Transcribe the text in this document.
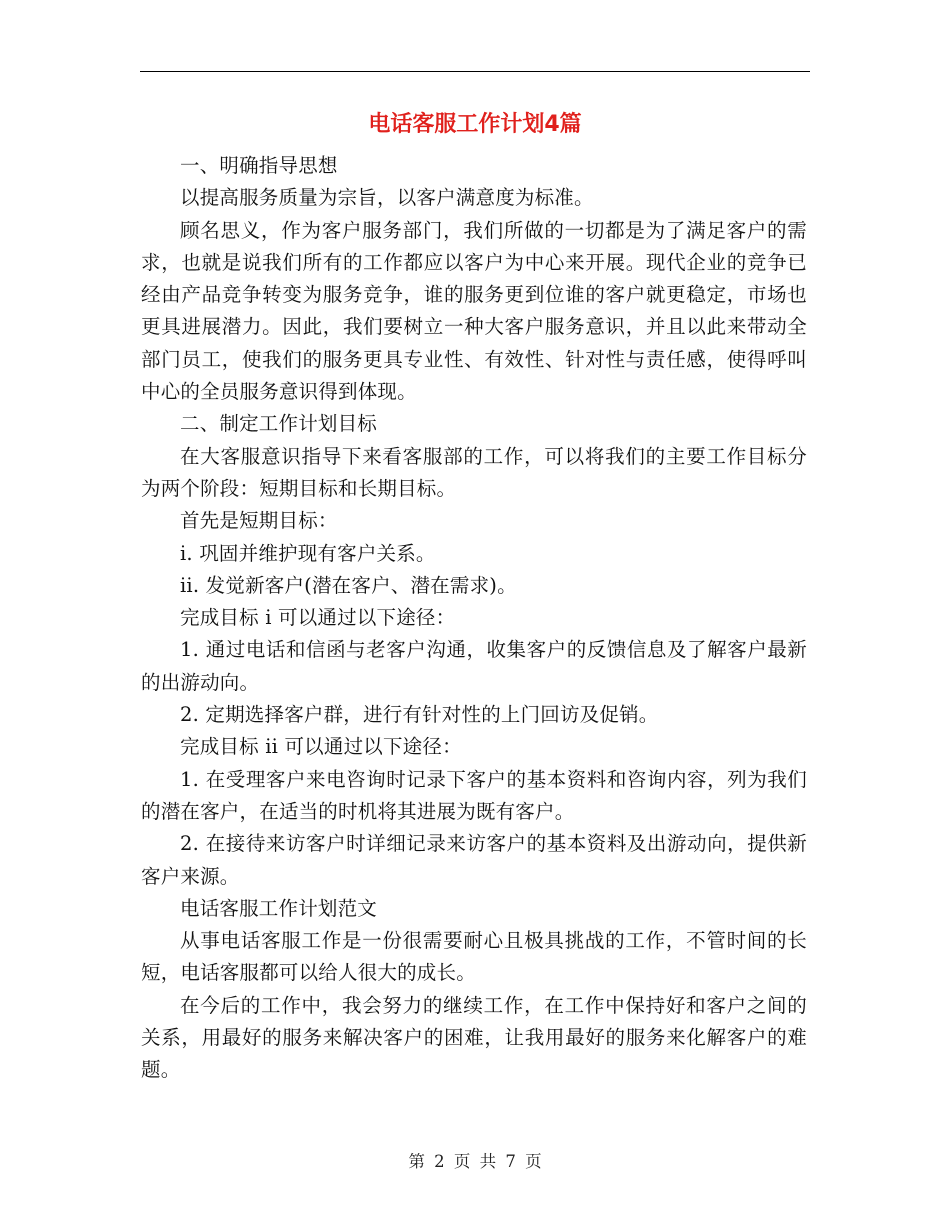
电话客服工作计划4篇

一、明确指导思想

以提高服务质量为宗旨，以客户满意度为标准。

顾名思义，作为客户服务部门，我们所做的一切都是为了满足客户的需求，也就是说我们所有的工作都应以客户为中心来开展。现代企业的竞争已经由产品竞争转变为服务竞争，谁的服务更到位谁的客户就更稳定，市场也更具进展潜力。因此，我们要树立一种大客户服务意识，并且以此来带动全部门员工，使我们的服务更具专业性、有效性、针对性与责任感，使得呼叫中心的全员服务意识得到体现。

二、制定工作计划目标

在大客服意识指导下来看客服部的工作，可以将我们的主要工作目标分为两个阶段：短期目标和长期目标。

首先是短期目标：

i. 巩固并维护现有客户关系。

ii. 发觉新客户(潜在客户、潜在需求)。

完成目标 i 可以通过以下途径：

1. 通过电话和信函与老客户沟通，收集客户的反馈信息及了解客户最新的出游动向。

2. 定期选择客户群，进行有针对性的上门回访及促销。

完成目标 ii 可以通过以下途径：

1. 在受理客户来电咨询时记录下客户的基本资料和咨询内容，列为我们的潜在客户，在适当的时机将其进展为既有客户。

2. 在接待来访客户时详细记录来访客户的基本资料及出游动向，提供新客户来源。

电话客服工作计划范文

从事电话客服工作是一份很需要耐心且极具挑战的工作，不管时间的长短，电话客服都可以给人很大的成长。

在今后的工作中，我会努力的继续工作，在工作中保持好和客户之间的关系，用最好的服务来解决客户的困难，让我用最好的服务来化解客户的难题。

第 2 页 共 7 页
